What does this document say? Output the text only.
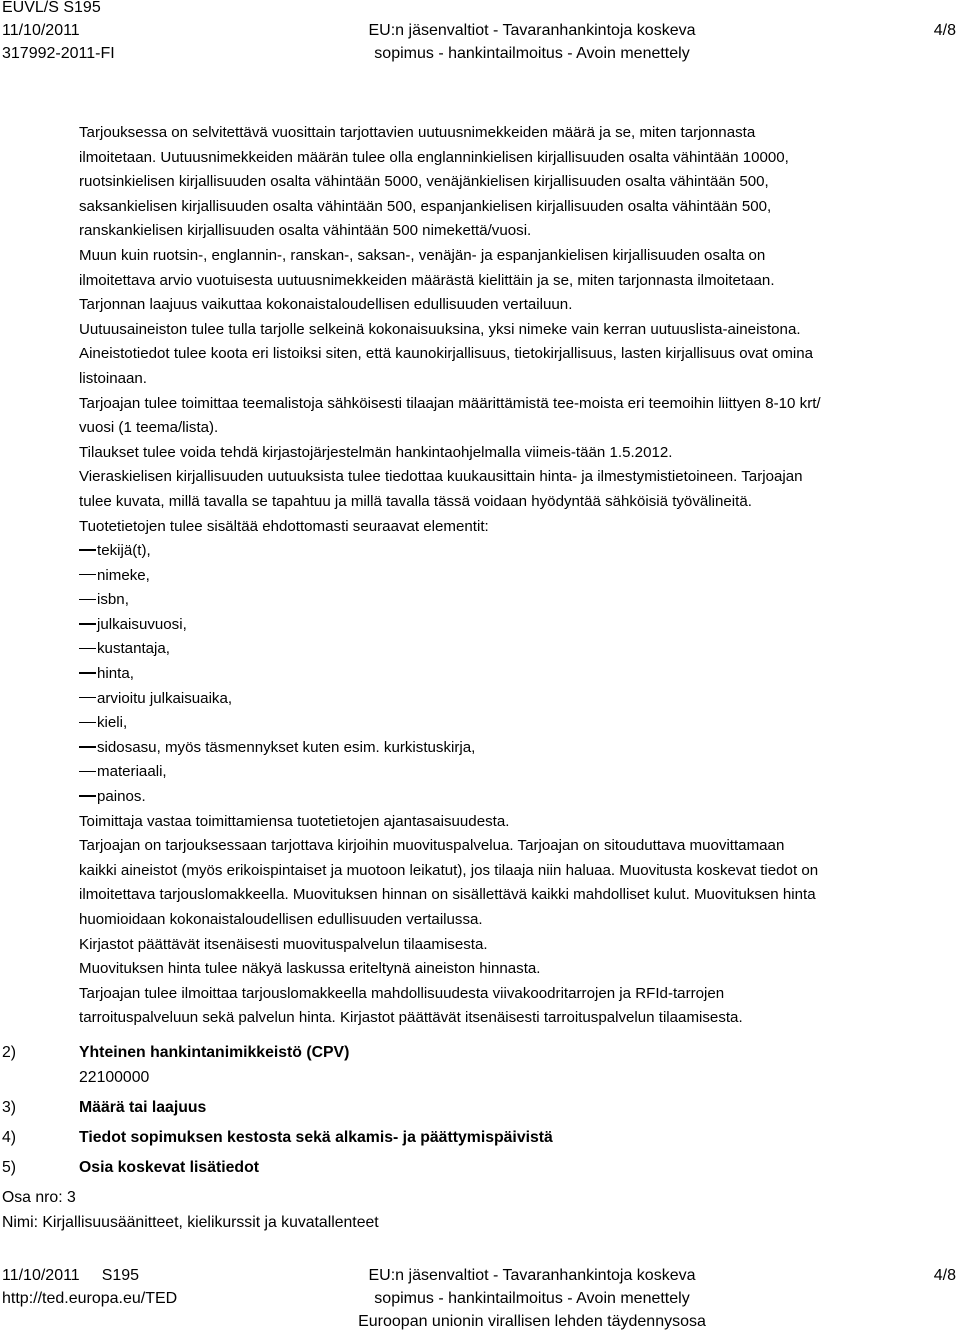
EUVL/S S195
11/10/2011
317992-2011-FI
EU:n jäsenvaltiot - Tavaranhankintoja koskeva
sopimus - hankintailmoitus - Avoin menettely
4/8

Tarjouksessa on selvitettävä vuosittain tarjottavien uutuusnimekkeiden määrä ja se, miten tarjonnasta

ilmoitetaan. Uutuusnimekkeiden määrän tulee olla englanninkielisen kirjallisuuden osalta vähintään 10000,

ruotsinkielisen kirjallisuuden osalta vähintään 5000, venäjänkielisen kirjallisuuden osalta vähintään 500,

saksankielisen kirjallisuuden osalta vähintään 500, espanjankielisen kirjallisuuden osalta vähintään 500,

ranskankielisen kirjallisuuden osalta vähintään 500 nimekettä/vuosi.

Muun kuin ruotsin-, englannin-, ranskan-, saksan-, venäjän- ja espanjankielisen kirjallisuuden osalta on

ilmoitettava arvio vuotuisesta uutuusnimekkeiden määrästä kielittäin ja se, miten tarjonnasta ilmoitetaan.

Tarjonnan laajuus vaikuttaa kokonaistaloudellisen edullisuuden vertailuun.

Uutuusaineiston tulee tulla tarjolle selkeinä kokonaisuuksina, yksi nimeke vain kerran uutuuslista-aineistona.

Aineistotiedot tulee koota eri listoiksi siten, että kaunokirjallisuus, tietokirjallisuus, lasten kirjallisuus ovat omina

listoinaan.

Tarjoajan tulee toimittaa teemalistoja sähköisesti tilaajan määrittämistä tee-moista eri teemoihin liittyen 8-10 krt/

vuosi (1 teema/lista).

Tilaukset tulee voida tehdä kirjastojärjestelmän hankintaohjelmalla viimeis-tään 1.5.2012.

Vieraskielisen kirjallisuuden uutuuksista tulee tiedottaa kuukausittain hinta- ja ilmestymistietoineen. Tarjoajan

tulee kuvata, millä tavalla se tapahtuu ja millä tavalla tässä voidaan hyödyntää sähköisiä työvälineitä.

Tuotetietojen tulee sisältää ehdottomasti seuraavat elementit:

tekijä(t),

nimeke,

isbn,

julkaisuvuosi,

kustantaja,

hinta,

arvioitu julkaisuaika,

kieli,

sidosasu, myös täsmennykset kuten esim. kurkistuskirja,

materiaali,

painos.

Toimittaja vastaa toimittamiensa tuotetietojen ajantasaisuudesta.

Tarjoajan on tarjouksessaan tarjottava kirjoihin muovituspalvelua. Tarjoajan on sitouduttava muovittamaan

kaikki aineistot (myös erikoispintaiset ja muotoon leikatut), jos tilaaja niin haluaa. Muovitusta koskevat tiedot on

ilmoitettava tarjouslomakkeella. Muovituksen hinnan on sisällettävä kaikki mahdolliset kulut. Muovituksen hinta

huomioidaan kokonaistaloudellisen edullisuuden vertailussa.

Kirjastot päättävät itsenäisesti muovituspalvelun tilaamisesta.

Muovituksen hinta tulee näkyä laskussa eriteltynä aineiston hinnasta.

Tarjoajan tulee ilmoittaa tarjouslomakkeella mahdollisuudesta viivakoodritarrojen ja RFId-tarrojen

tarroituspalveluun sekä palvelun hinta. Kirjastot päättävät itsenäisesti tarroituspalvelun tilaamisesta.

2)	Yhteinen hankintanimikkeistö (CPV)
22100000
3)	Määrä tai laajuus
4)	Tiedot sopimuksen kestosta sekä alkamis- ja päättymispäivistä
5)	Osia koskevat lisätiedot
Osa nro: 3
Nimi: Kirjallisuusäänitteet, kielikurssit ja kuvatallenteet
11/10/2011 S195
http://ted.europa.eu/TED
EU:n jäsenvaltiot - Tavaranhankintoja koskeva
sopimus - hankintailmoitus - Avoin menettely
Euroopan unionin virallisen lehden täydennysosa
4/8
